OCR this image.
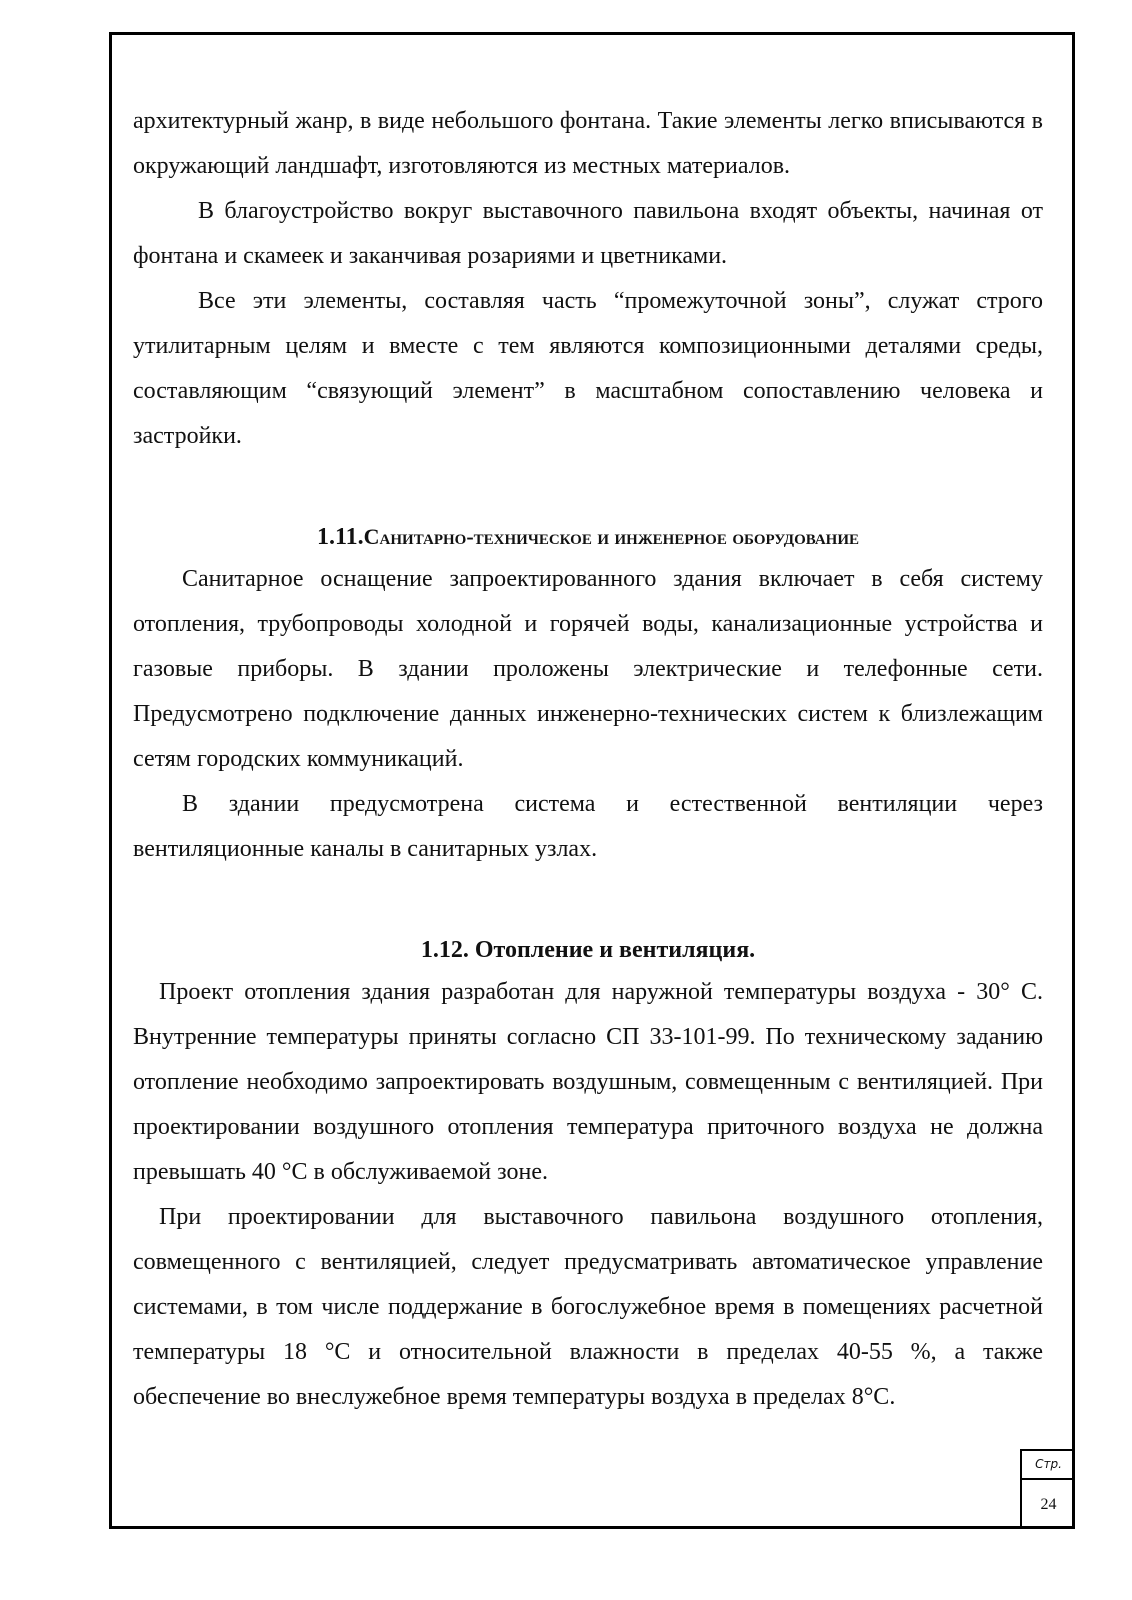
архитектурный жанр, в виде небольшого фонтана. Такие элементы легко вписываются в окружающий ландшафт, изготовляются из местных материалов.

В благоустройство вокруг выставочного павильона входят объекты, начиная от фонтана и скамеек и заканчивая розариями и цветниками.

Все эти элементы, составляя часть “промежуточной зоны”, служат строго утилитарным целям и вместе с тем являются композиционными деталями среды, составляющим “связующий элемент” в масштабном сопоставлению человека и застройки.

1.11.Санитарно-техническое и инженерное оборудование

Санитарное оснащение запроектированного здания включает в себя систему отопления, трубопроводы холодной и горячей воды, канализационные устройства и газовые приборы. В здании проложены электрические и телефонные сети. Предусмотрено подключение данных инженерно-технических систем к близлежащим сетям городских коммуникаций.

В здании предусмотрена система и естественной вентиляции через вентиляционные каналы в санитарных узлах.

1.12. Отопление и вентиляция.

Проект отопления здания разработан для наружной температуры воздуха - 30° С. Внутренние температуры приняты согласно СП 33-101-99. По техническому заданию отопление необходимо запроектировать воздушным, совмещенным с вентиляцией. При проектировании воздушного отопления температура приточного воздуха не должна превышать 40 °С в обслуживаемой зоне.

При проектировании для выставочного павильона воздушного отопления, совмещенного с вентиляцией, следует предусматривать автоматическое управление системами, в том числе поддержание в богослужебное время в помещениях расчетной температуры 18 °С и относительной влажности в пределах 40-55 %, а также обеспечение во внеслужебное время температуры воздуха в пределах 8°С.

Стр.
24
